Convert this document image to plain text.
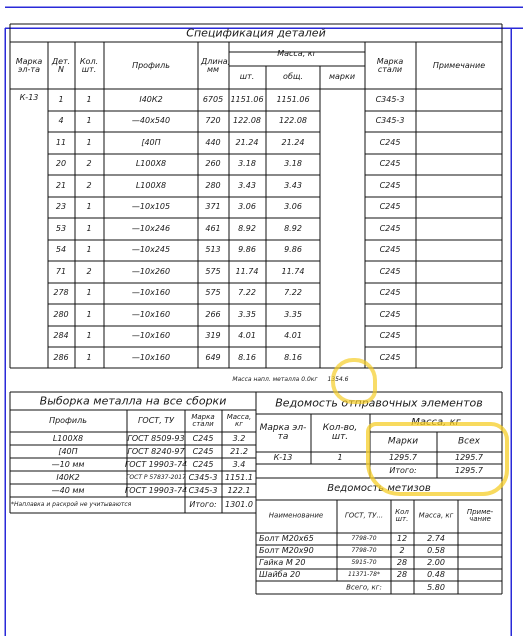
Спецификация деталей
Марка эл-та
Дет. N
Кол. шт.	Профиль	Длина, мм
Масса, кг
шт.	общ.	марки
Марка стали	Примечание
К-13	1	1	I40К2	6705 1151.06 1151.06	С345-3
4	1	—40х540	720 122.08 122.08	С345-3
11	1	[40П	440 21.24	21.24	С245
20	2	L100Х8	260 3.18	3.18	С245
21	2	L100Х8	280 3.43	3.43	С245
23	1	—10х105	371 3.06	3.06	С245
53	1	—10х246	461 8.92	8.92	С245
54	1	—10х245	513 9.86	9.86	С245
71	2	—10х260	575 11.74	11.74	С245
278 1	—10х160	575 7.22	7.22	С245
280 1	—10х160	266 3.35	3.35	С245
284 1	—10х160	319 4.01	4.01	С245
286 1	—10х160	649 8.16	8.16	С245
Масса напл. металла 0.0кг 1354.6
Выборка металла на все сборки
Профиль	ГОСТ, ТУ	Марка стали
Масса, кг
L100Х8	ГОСТ 8509-93 С245 3.2
[40П	ГОСТ 8240-97 С245 21.2
—10 мм	ГОСТ 19903-74 С245 3.4
I40К2	ГОСТ Р 57837-2017 С345-3 1151.1
—40 мм	ГОСТ 19903-74 С345-3 122.1
*Наплавка и раскрой не учитываются	Итого: 1301.0
Ведомость отправочных элементов
Марка эл-та
Кол-во, шт.
Масса, кг
Марки	Всех
К-13	1	1295.7	1295.7
Итого:	1295.7
Ведомость метизов
Наименование	ГОСТ, ТУ...	Кол шт.	Масса, кг	Приме-чание
Болт М20х65	7798-70	12	2.74
Болт М20х90	7798-70	2	0.58
Гайка М 20	5915-70	28	2.00
Шайба 20	11371-78* 28	0.48
Всего, кг:	5.80
